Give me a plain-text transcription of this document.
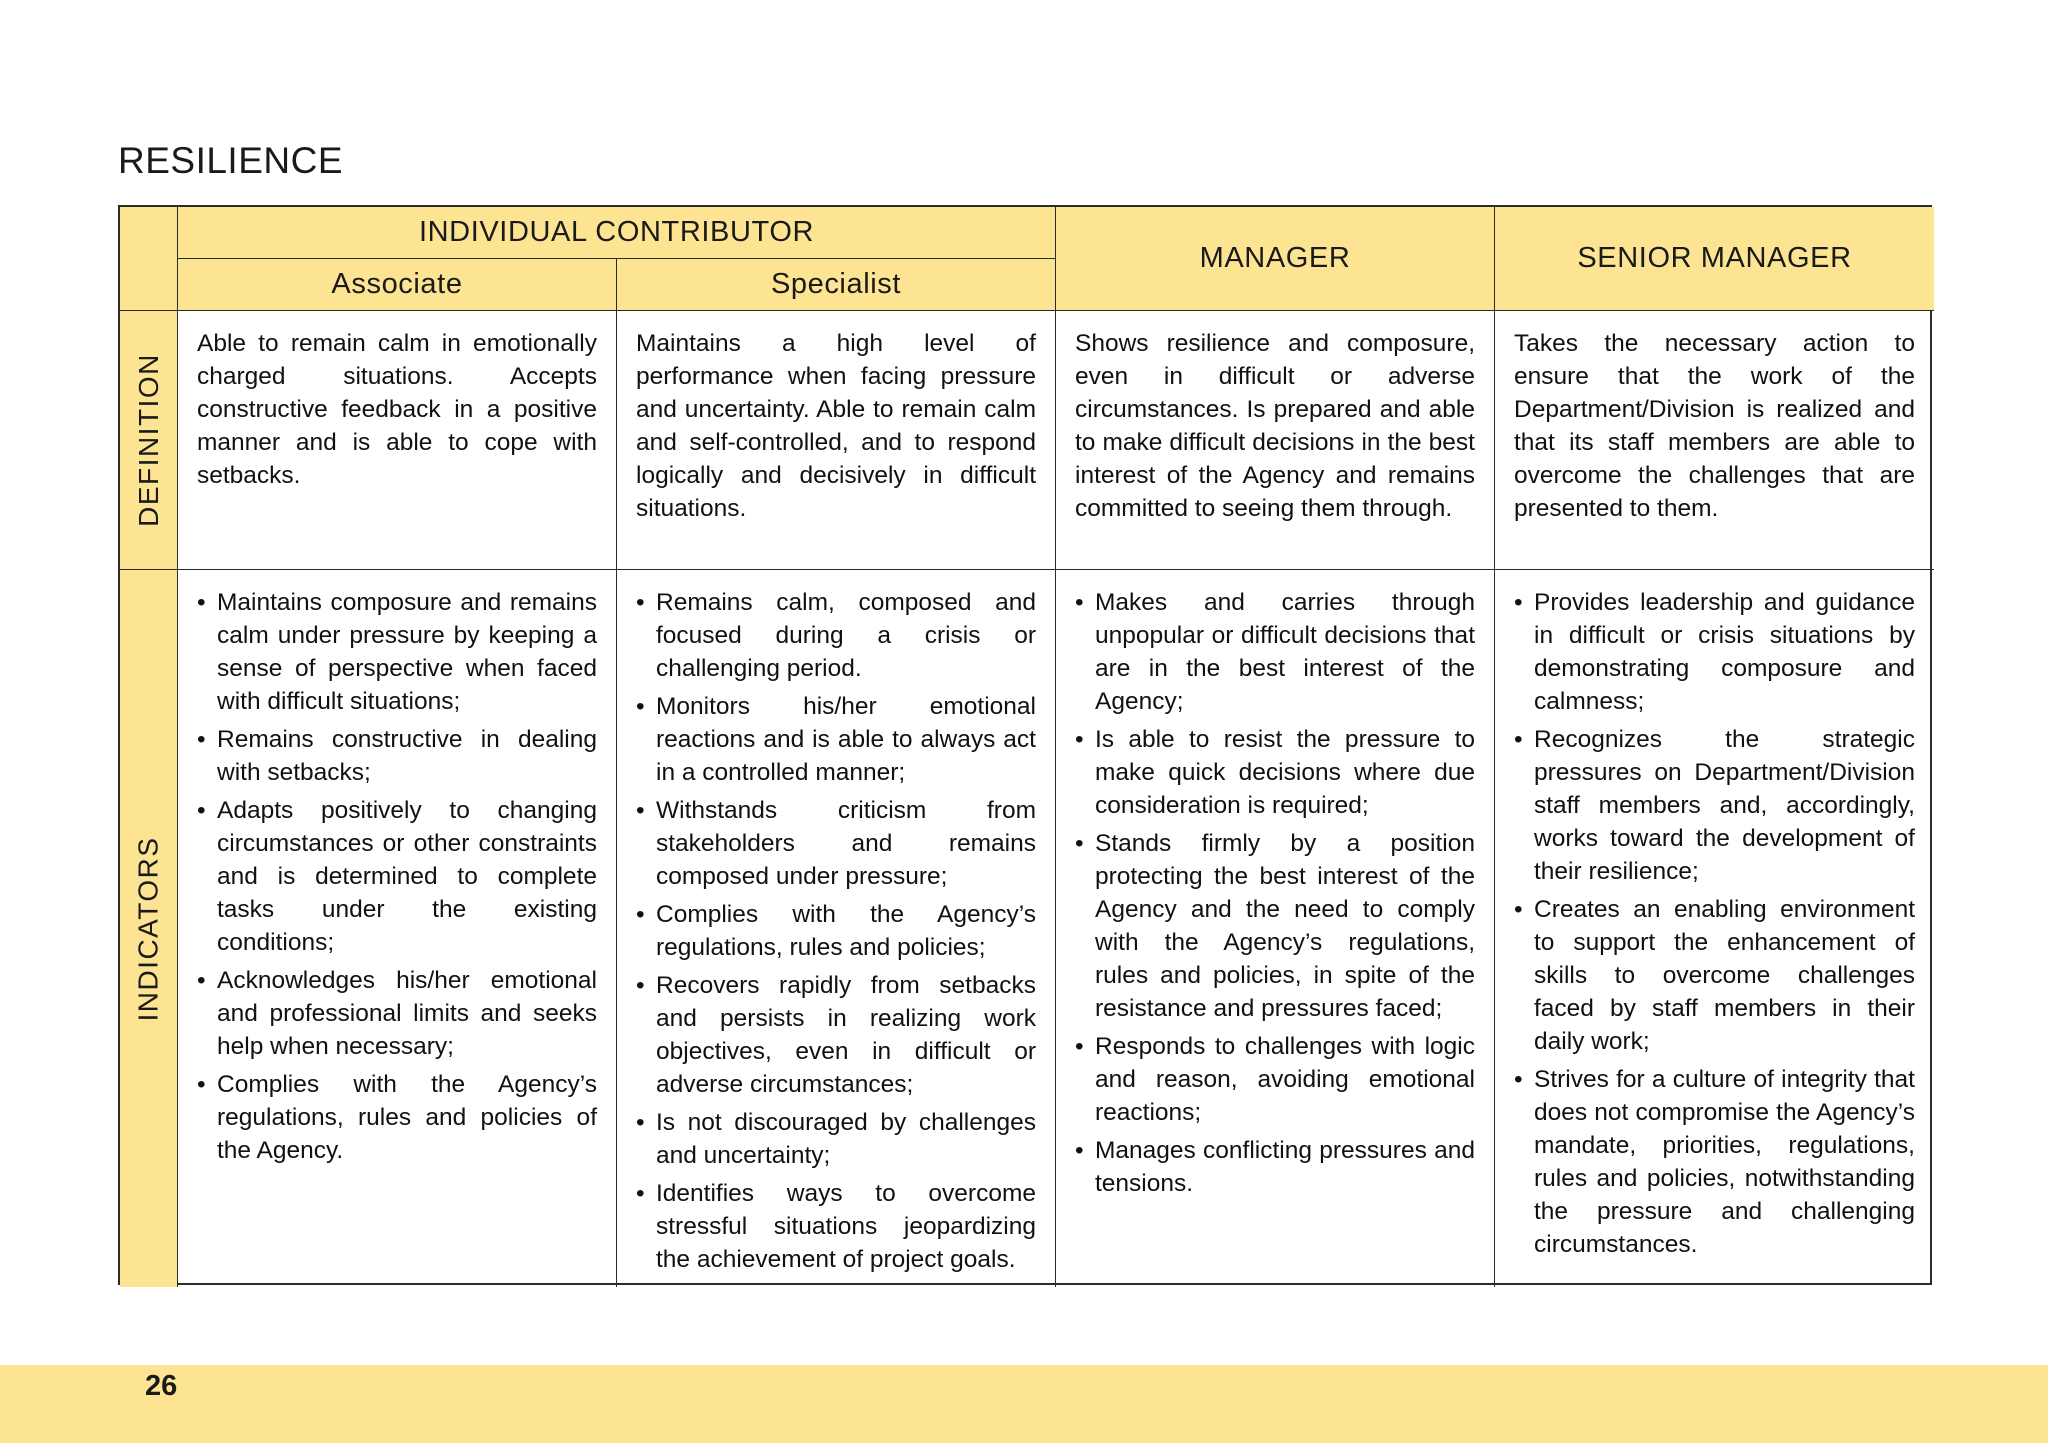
RESILIENCE
INDIVIDUAL CONTRIBUTOR
MANAGER	SENIOR MANAGER
Associate	Specialist
DEFINITION
Able to remain calm in emotionally charged situations. Accepts constructive feedback in a positive manner and is able to cope with setbacks.
Maintains a high level of performance when facing pressure and uncertainty. Able to remain calm and self-controlled, and to respond logically and decisively in difficult situations.
Shows resilience and composure, even in difficult or adverse circumstances. Is prepared and able to make difficult decisions in the best interest of the Agency and remains committed to seeing them through.
Takes the necessary action to ensure that the work of the Department/Division is realized and that its staff members are able to overcome the challenges that are presented to them.
INDICATORS
• Maintains composure and remains calm under pressure by keeping a sense of perspective when faced with difficult situations;
• Remains constructive in dealing with setbacks;
• Adapts positively to changing circumstances or other constraints and is determined to complete tasks under the existing conditions;
• Acknowledges his/her emotional and professional limits and seeks help when necessary;
• Complies with the Agency’s regulations, rules and policies of the Agency.
• Remains calm, composed and focused during a crisis or challenging period.
• Monitors his/her emotional reactions and is able to always act in a controlled manner;
• Withstands criticism from stakeholders and remains composed under pressure;
• Complies with the Agency’s regulations, rules and policies;
• Recovers rapidly from setbacks and persists in realizing work objectives, even in difficult or adverse circumstances;
• Is not discouraged by challenges and uncertainty;
• Identifies ways to overcome stressful situations jeopardizing the achievement of project goals.
• Makes and carries through unpopular or difficult decisions that are in the best interest of the Agency;
• Is able to resist the pressure to make quick decisions where due consideration is required;
• Stands firmly by a position protecting the best interest of the Agency and the need to comply with the Agency’s regulations, rules and policies, in spite of the resistance and pressures faced;
• Responds to challenges with logic and reason, avoiding emotional reactions;
• Manages conflicting pressures and tensions.
• Provides leadership and guidance in difficult or crisis situations by demonstrating composure and calmness;
• Recognizes the strategic pressures on Department/Division staff members and, accordingly, works toward the development of their resilience;
• Creates an enabling environment to support the enhancement of skills to overcome challenges faced by staff members in their daily work;
• Strives for a culture of integrity that does not compromise the Agency’s mandate, priorities, regulations, rules and policies, notwithstanding the pressure and challenging circumstances.
26
